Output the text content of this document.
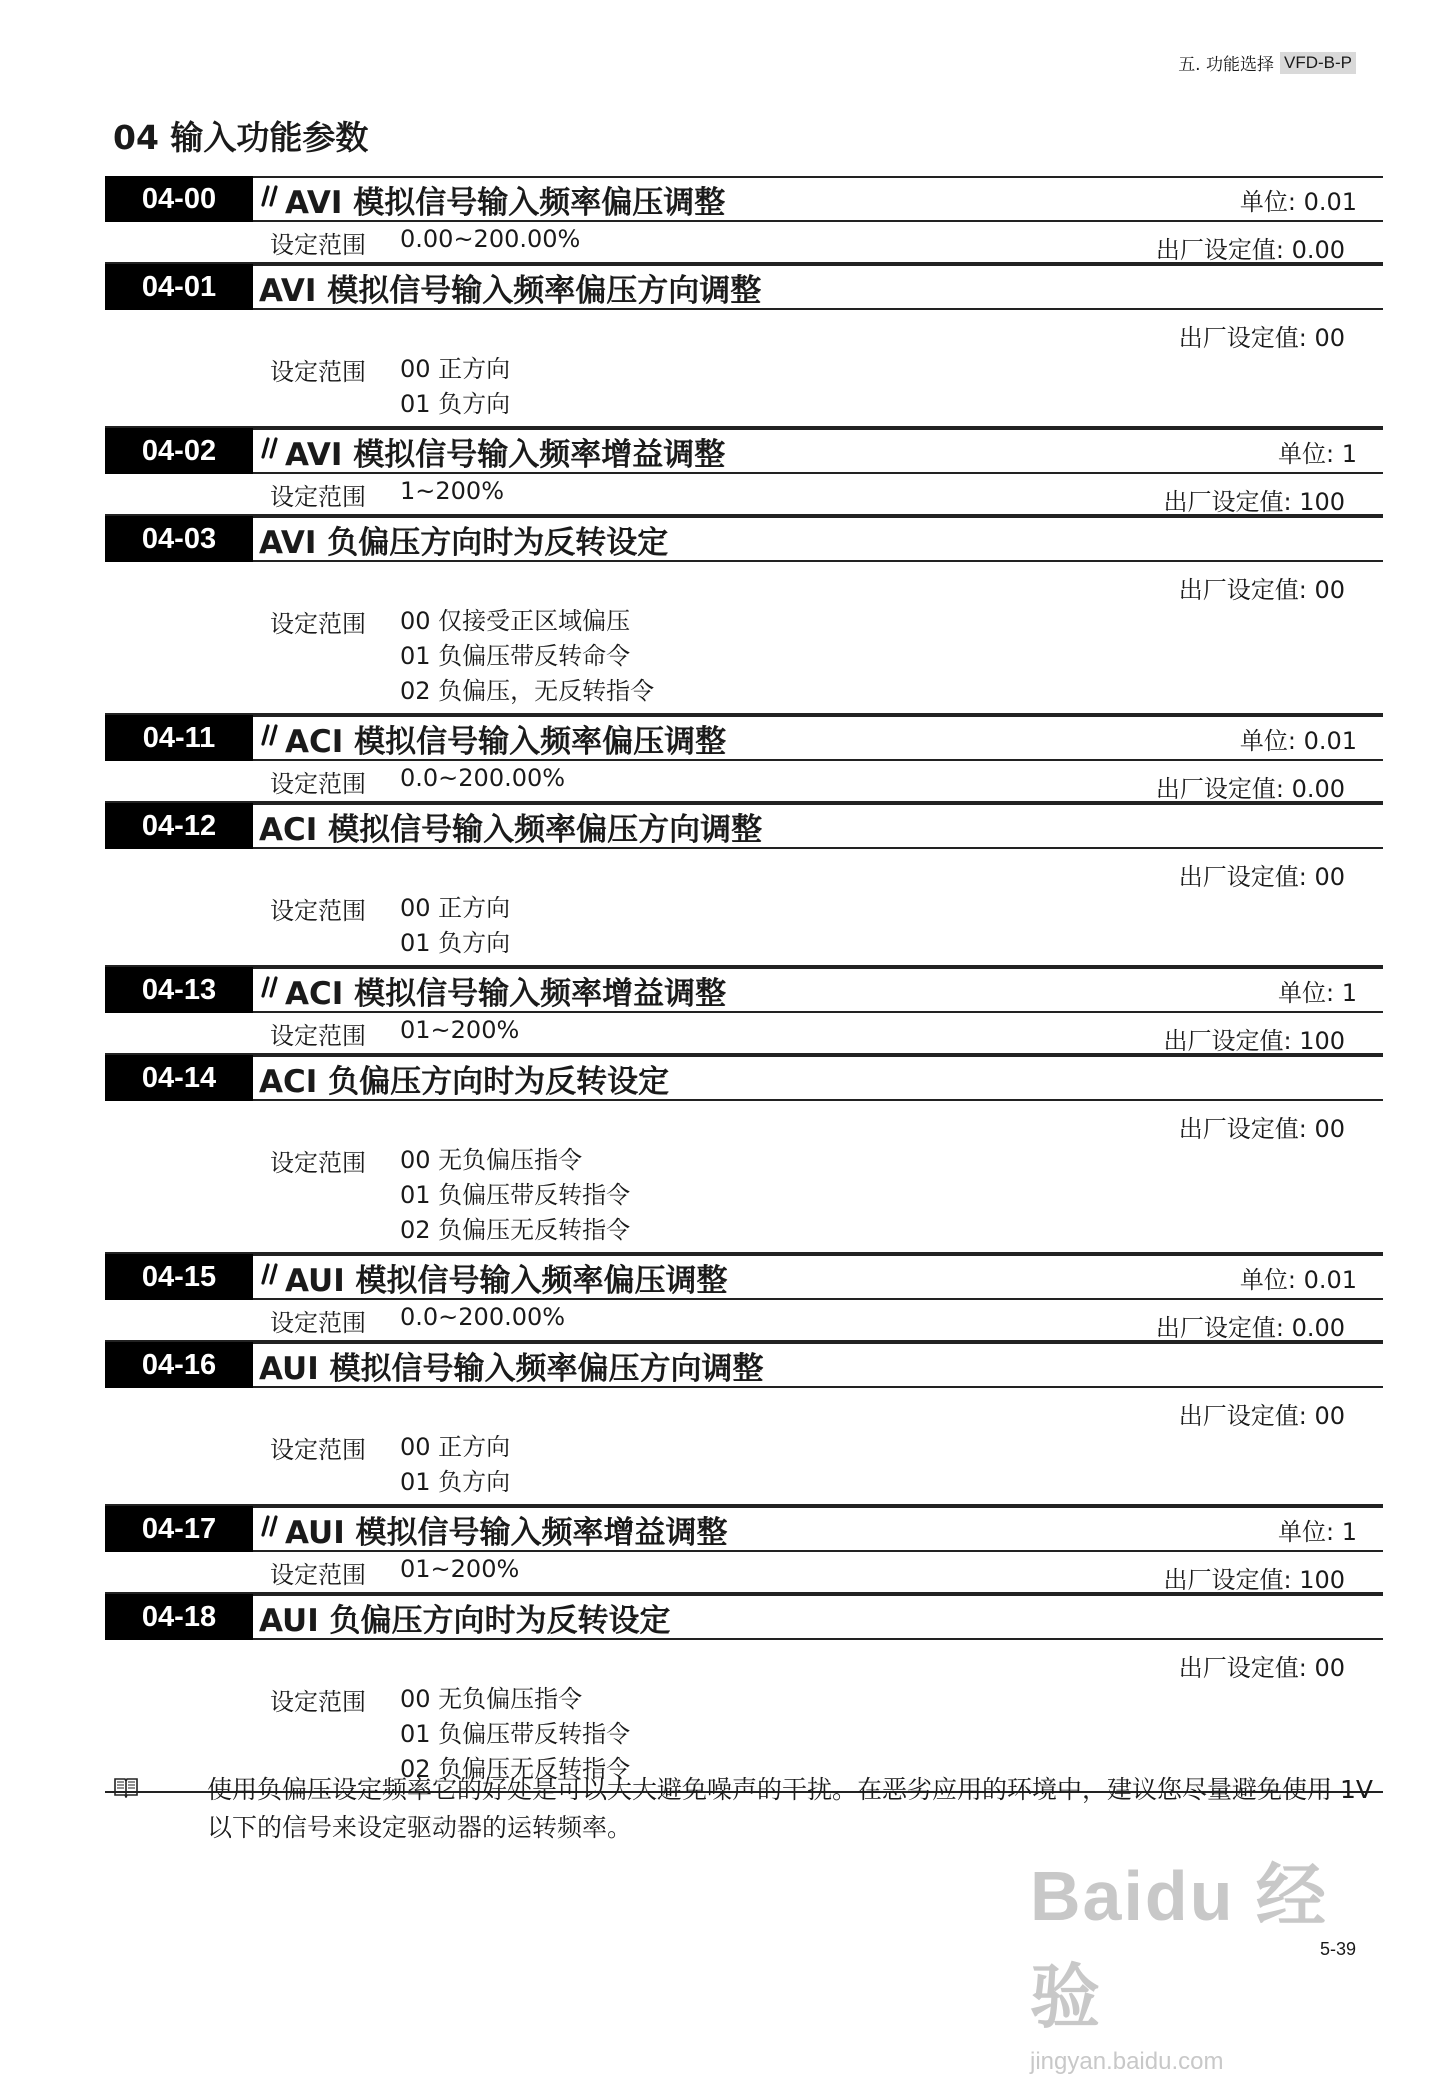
五. 功能选择 VFD-B-P
04 输入功能参数
04-00	AVI 模拟信号输入频率偏压调整	单位: 0.01
设定范围	0.00~200.00%	出厂设定值: 0.00
04-01	AVI 模拟信号输入频率偏压方向调整
出厂设定值: 00
设定范围	00 正方向
01 负方向
04-02	AVI 模拟信号输入频率增益调整	单位: 1
设定范围	1~200%	出厂设定值: 100
04-03	AVI 负偏压方向时为反转设定
出厂设定值: 00
设定范围	00 仅接受正区域偏压
01 负偏压带反转命令
02 负偏压，无反转指令
04-11	ACI 模拟信号输入频率偏压调整	单位: 0.01
设定范围	0.0~200.00%	出厂设定值: 0.00
04-12	ACI 模拟信号输入频率偏压方向调整
出厂设定值: 00
设定范围	00 正方向
01 负方向
04-13	ACI 模拟信号输入频率增益调整	单位: 1
设定范围	01~200%	出厂设定值: 100
04-14	ACI 负偏压方向时为反转设定
出厂设定值: 00
设定范围	00 无负偏压指令
01 负偏压带反转指令
02 负偏压无反转指令
04-15	AUI 模拟信号输入频率偏压调整	单位: 0.01
设定范围	0.0~200.00%	出厂设定值: 0.00
04-16	AUI 模拟信号输入频率偏压方向调整
出厂设定值: 00
设定范围	00 正方向
01 负方向
04-17	AUI 模拟信号输入频率增益调整	单位: 1
设定范围	01~200%	出厂设定值: 100
04-18	AUI 负偏压方向时为反转设定
出厂设定值: 00
设定范围	00 无负偏压指令
01 负偏压带反转指令
02 负偏压无反转指令
使用负偏压设定频率它的好处是可以大大避免噪声的干扰。在恶劣应用的环境中，建议您尽量避免使用 1V 以下的信号来设定驱动器的运转频率。
Baidu 经验
jingyan.baidu.com
5-39
